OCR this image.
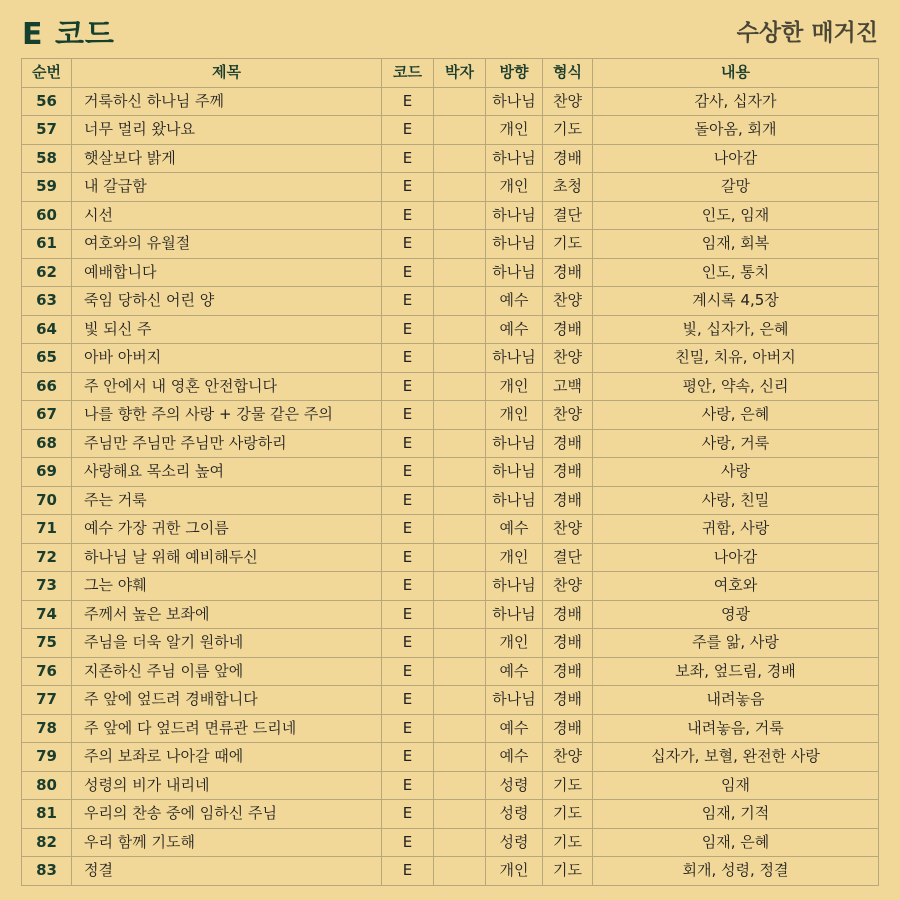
E 코드	수상한 매거진
순번	제목	코드	박자	방향	형식	내용
56	거룩하신 하나님 주께	E		하나님	찬양	감사, 십자가
57	너무 멀리 왔나요	E		개인	기도	돌아옴, 회개
58	햇살보다 밝게	E		하나님	경배	나아감
59	내 갈급함	E		개인	초청	갈망
60	시선	E		하나님	결단	인도, 임재
61	여호와의 유월절	E		하나님	기도	임재, 회복
62	예배합니다	E		하나님	경배	인도, 통치
63	죽임 당하신 어린 양	E		예수	찬양	계시록 4,5장
64	빛 되신 주	E		예수	경배	빛, 십자가, 은혜
65	아바 아버지	E		하나님	찬양	친밀, 치유, 아버지
66	주 안에서 내 영혼 안전합니다	E		개인	고백	평안, 약속, 신리
67	나를 향한 주의 사랑 + 강물 같은 주의	E		개인	찬양	사랑, 은혜
68	주님만 주님만 주님만 사랑하리	E		하나님	경배	사랑, 거룩
69	사랑해요 목소리 높여	E		하나님	경배	사랑
70	주는 거룩	E		하나님	경배	사랑, 친밀
71	예수 가장 귀한 그이름	E		예수	찬양	귀함, 사랑
72	하나님 날 위해 예비해두신	E		개인	결단	나아감
73	그는 야훼	E		하나님	찬양	여호와
74	주께서 높은 보좌에	E		하나님	경배	영광
75	주님을 더욱 알기 원하네	E		개인	경배	주를 앎, 사랑
76	지존하신 주님 이름 앞에	E		예수	경배	보좌, 엎드림, 경배
77	주 앞에 엎드려 경배합니다	E		하나님	경배	내려놓음
78	주 앞에 다 엎드려 면류관 드리네	E		예수	경배	내려놓음, 거룩
79	주의 보좌로 나아갈 때에	E		예수	찬양	십자가, 보혈, 완전한 사랑
80	성령의 비가 내리네	E		성령	기도	임재
81	우리의 찬송 중에 임하신 주님	E		성령	기도	임재, 기적
82	우리 함께 기도해	E		성령	기도	임재, 은혜
83	정결	E		개인	기도	회개, 성령, 정결
